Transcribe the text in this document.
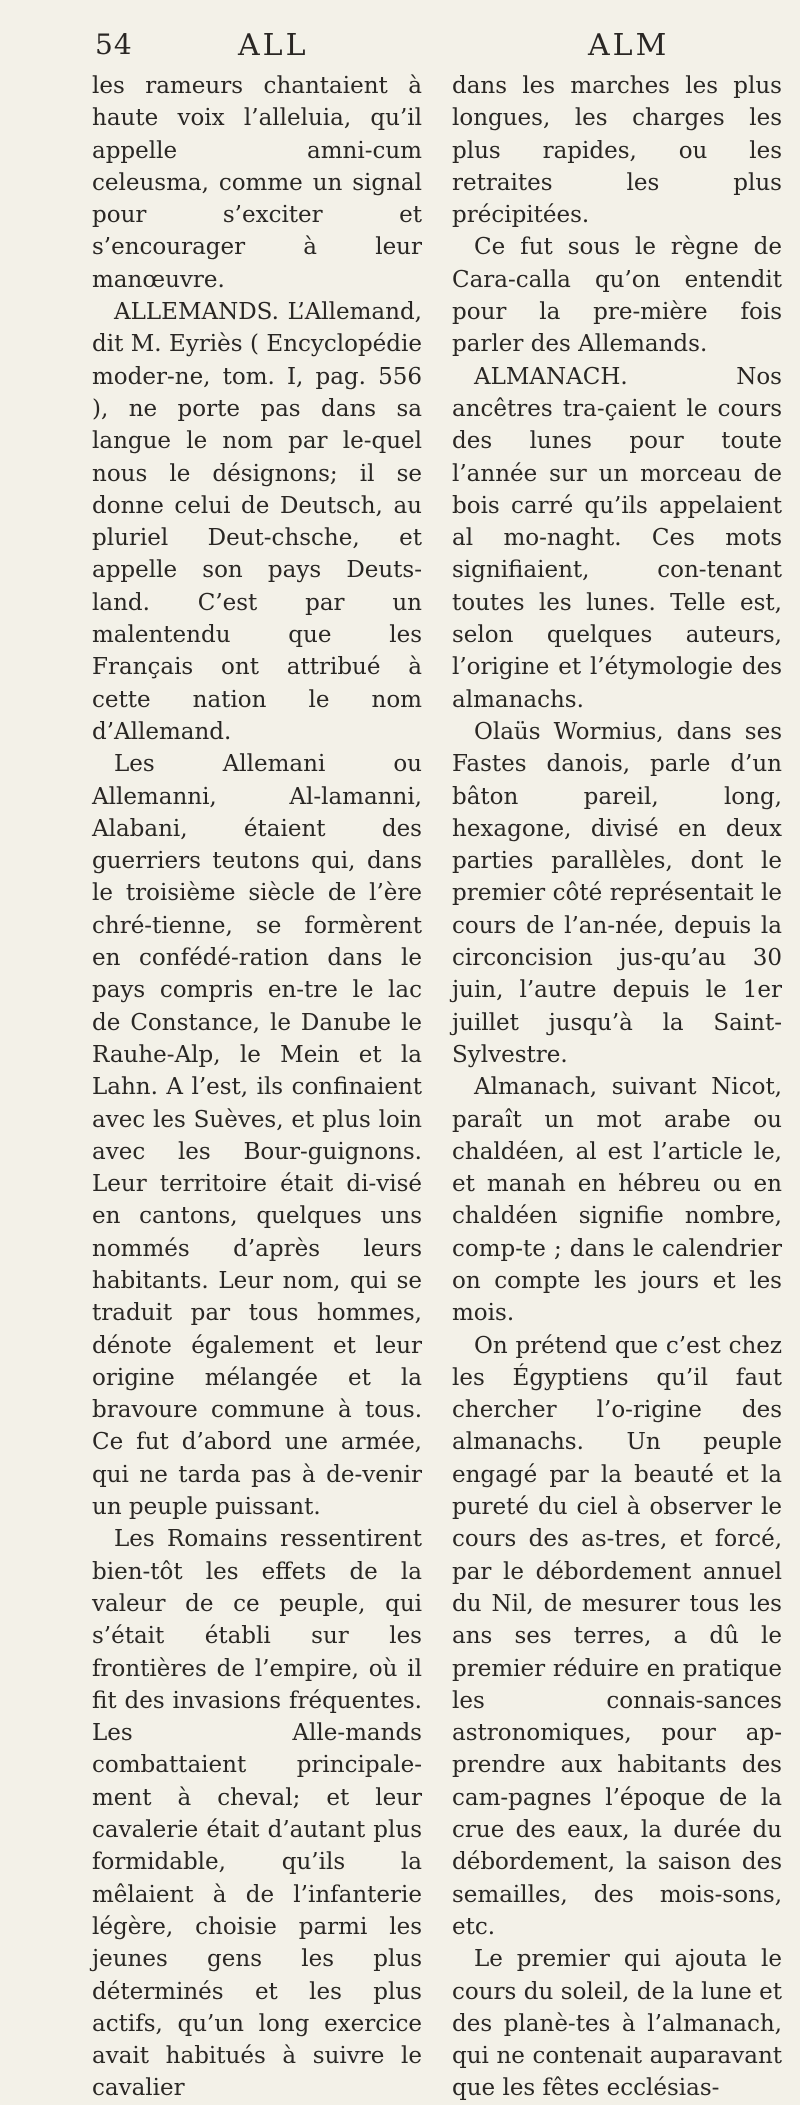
54	ALL	ALM

les rameurs chantaient à haute voix l’alleluia, qu’il appelle amni-cum celeusma, comme un signal pour s’exciter et s’encourager à leur manœuvre.

ALLEMANDS. L’Allemand, dit M. Eyriès ( Encyclopédie moder-ne, tom. I, pag. 556 ), ne porte pas dans sa langue le nom par le-quel nous le désignons; il se donne celui de Deutsch, au pluriel Deut-chsche, et appelle son pays Deuts-land. C’est par un malentendu que les Français ont attribué à cette nation le nom d’Allemand.

Les Allemani ou Allemanni, Al-lamanni, Alabani, étaient des guerriers teutons qui, dans le troisième siècle de l’ère chré-tienne, se formèrent en confédé-ration dans le pays compris en-tre le lac de Constance, le Danube le Rauhe-Alp, le Mein et la Lahn. A l’est, ils confinaient avec les Suèves, et plus loin avec les Bour-guignons. Leur territoire était di-visé en cantons, quelques uns nommés d’après leurs habitants. Leur nom, qui se traduit par tous hommes, dénote également et leur origine mélangée et la bravoure commune à tous. Ce fut d’abord une armée, qui ne tarda pas à de-venir un peuple puissant.

Les Romains ressentirent bien-tôt les effets de la valeur de ce peuple, qui s’était établi sur les frontières de l’empire, où il fit des invasions fréquentes. Les Alle-mands combattaient principale-ment à cheval; et leur cavalerie était d’autant plus formidable, qu’ils la mêlaient à de l’infanterie légère, choisie parmi les jeunes gens les plus déterminés et les plus actifs, qu’un long exercice avait habitués à suivre le cavalier

dans les marches les plus longues, les charges les plus rapides, ou les retraites les plus précipitées.

Ce fut sous le règne de Cara-calla qu’on entendit pour la pre-mière fois parler des Allemands.

ALMANACH. Nos ancêtres tra-çaient le cours des lunes pour toute l’année sur un morceau de bois carré qu’ils appelaient al mo-naght. Ces mots signifiaient, con-tenant toutes les lunes. Telle est, selon quelques auteurs, l’origine et l’étymologie des almanachs.

Olaüs Wormius, dans ses Fastes danois, parle d’un bâton pareil, long, hexagone, divisé en deux parties parallèles, dont le premier côté représentait le cours de l’an-née, depuis la circoncision jus-qu’au 30 juin, l’autre depuis le 1er juillet jusqu’à la Saint-Sylvestre.

Almanach, suivant Nicot, paraît un mot arabe ou chaldéen, al est l’article le, et manah en hébreu ou en chaldéen signifie nombre, comp-te ; dans le calendrier on compte les jours et les mois.

On prétend que c’est chez les Égyptiens qu’il faut chercher l’o-rigine des almanachs. Un peuple engagé par la beauté et la pureté du ciel à observer le cours des as-tres, et forcé, par le débordement annuel du Nil, de mesurer tous les ans ses terres, a dû le premier réduire en pratique les connais-sances astronomiques, pour ap-prendre aux habitants des cam-pagnes l’époque de la crue des eaux, la durée du débordement, la saison des semailles, des mois-sons, etc.

Le premier qui ajouta le cours du soleil, de la lune et des planè-tes à l’almanach, qui ne contenait auparavant que les fêtes ecclésias-
